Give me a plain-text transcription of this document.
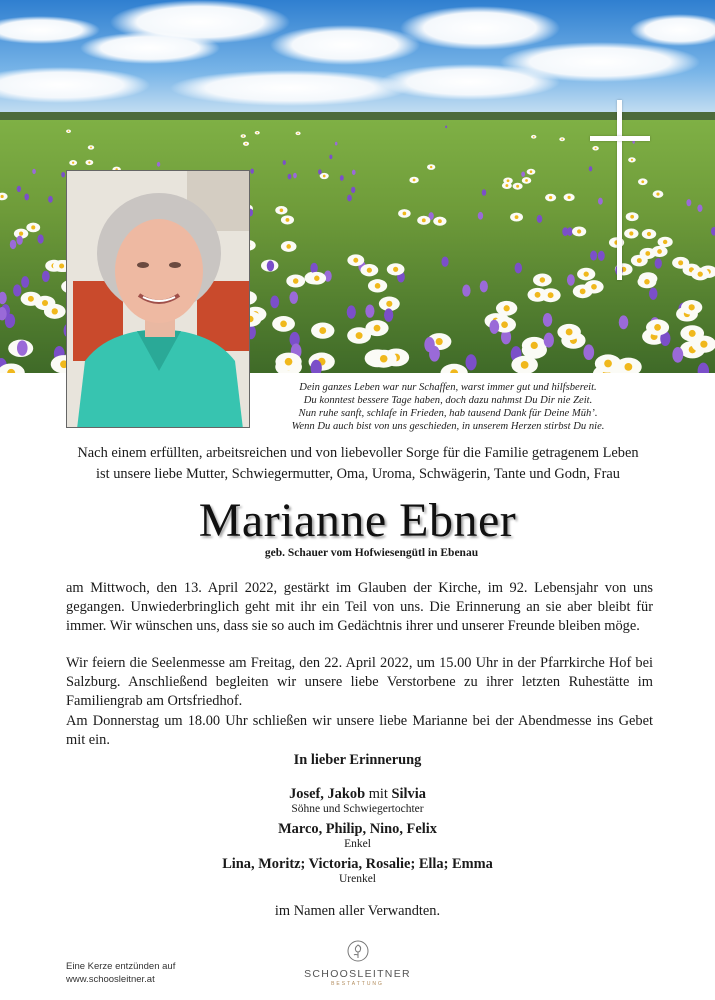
Dein ganzes Leben war nur Schaffen, warst immer gut und hilfsbereit.
Du konntest bessere Tage haben, doch dazu nahmst Du Dir nie Zeit.
Nun ruhe sanft, schlafe in Frieden, hab tausend Dank für Deine Müh’.
Wenn Du auch bist von uns geschieden, in unserem Herzen stirbst Du nie.
Nach einem erfüllten, arbeitsreichen und von liebevoller Sorge für die Familie getragenem Leben
ist unsere liebe Mutter, Schwiegermutter, Oma, Uroma, Schwägerin, Tante und Godn, Frau
Marianne Ebner
geb. Schauer vom Hofwiesengütl in Ebenau
am Mittwoch, den 13. April 2022, gestärkt im Glauben der Kirche, im 92. Lebensjahr von uns gegangen. Unwiederbringlich geht mit ihr ein Teil von uns. Die Erinnerung an sie aber bleibt für immer. Wir wünschen uns, dass sie so auch im Gedächtnis ihrer und unserer Freunde bleiben möge.
Wir feiern die Seelenmesse am Freitag, den 22. April 2022, um 15.00 Uhr in der Pfarrkirche Hof bei Salzburg. Anschließend begleiten wir unsere liebe Verstorbene zu ihrer letzten Ruhestätte im Familiengrab am Ortsfriedhof.
Am Donnerstag um 18.00 Uhr schließen wir unsere liebe Marianne bei der Abendmesse ins Gebet mit ein.
In lieber Erinnerung
Josef, Jakob mit Silvia
Söhne und Schwiegertochter
Marco, Philip, Nino, Felix
Enkel
Lina, Moritz; Victoria, Rosalie; Ella; Emma
Urenkel
im Namen aller Verwandten.
Eine Kerze entzünden auf
www.schoosleitner.at	SCHOOSLEITNER
BESTATTUNG
